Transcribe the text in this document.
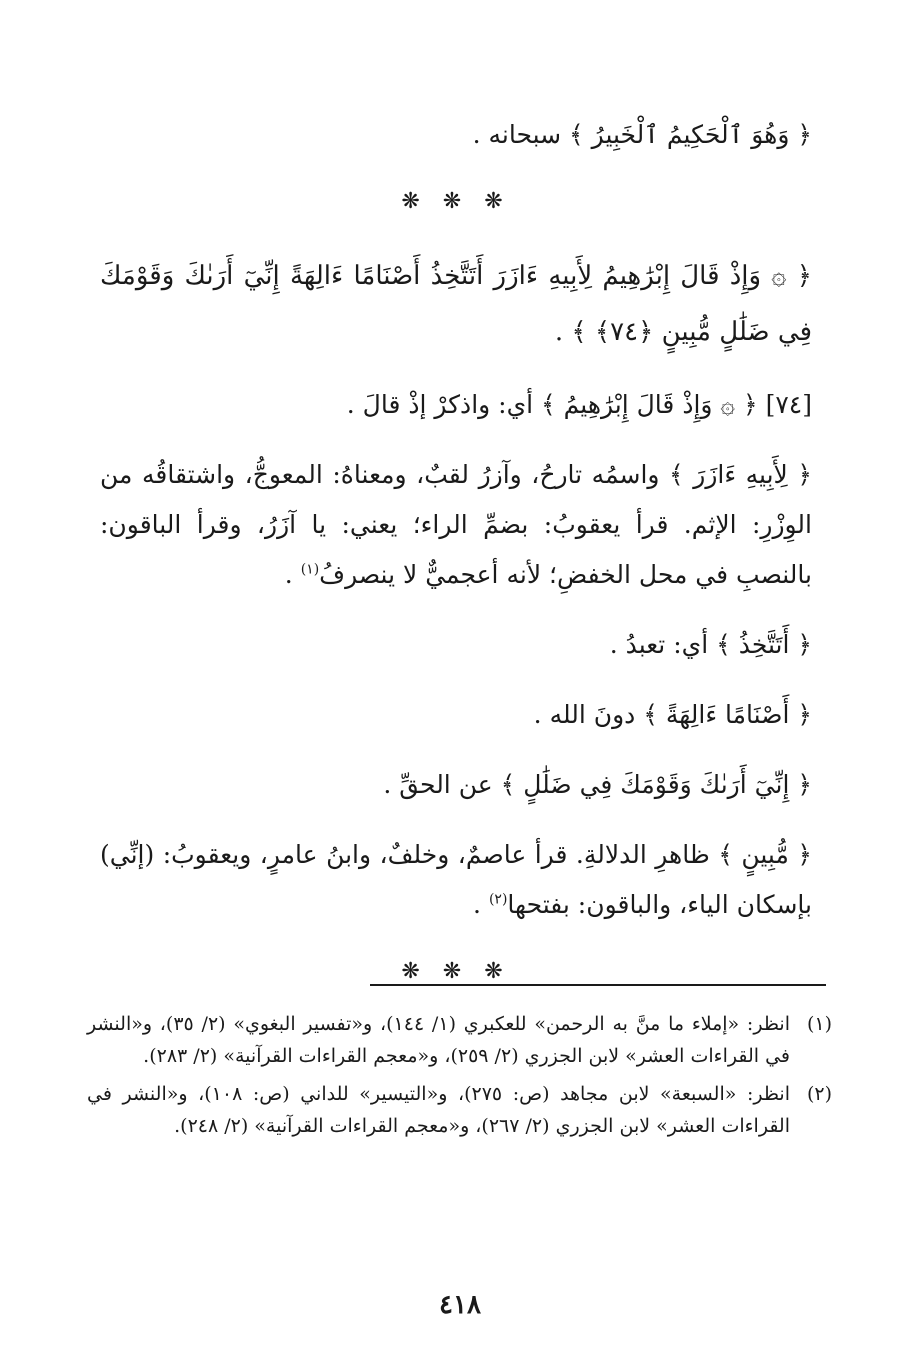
﴿ وَهُوَ ٱلْحَكِيمُ ٱلْخَبِيرُ ﴾ سبحانه .

❋ ❋ ❋

﴿ ۞ وَإِذْ قَالَ إِبْرَٰهِيمُ لِأَبِيهِ ءَازَرَ أَتَتَّخِذُ أَصْنَامًا ءَالِهَةً إِنِّيٓ أَرَىٰكَ وَقَوْمَكَ فِي ضَلَٰلٍ مُّبِينٍ ﴿٧٤﴾ ﴾ .

[٧٤] ﴿ ۞ وَإِذْ قَالَ إِبْرَٰهِيمُ ﴾ أي: واذكرْ إذْ قالَ .

﴿ لِأَبِيهِ ءَازَرَ ﴾ واسمُه تارحُ، وآزرُ لقبٌ، ومعناهُ: المعوجُّ، واشتقاقُه من الوِزْرِ: الإثم. قرأ يعقوبُ: بضمِّ الراء؛ يعني: يا آزَرُ، وقرأ الباقون: بالنصبِ في محل الخفضِ؛ لأنه أعجميٌّ لا ينصرفُ$^{(١)}$ .

﴿ أَتَتَّخِذُ ﴾ أي: تعبدُ .

﴿ أَصْنَامًا ءَالِهَةً ﴾ دونَ الله .

﴿ إِنِّيٓ أَرَىٰكَ وَقَوْمَكَ فِي ضَلَٰلٍ ﴾ عن الحقِّ .

﴿ مُّبِينٍ ﴾ ظاهرِ الدلالةِ. قرأ عاصمٌ، وخلفٌ، وابنُ عامرٍ، ويعقوبُ: (إنِّي) بإسكان الياء، والباقون: بفتحها$^{(٢)}$ .

❋ ❋ ❋

(١)
انظر: «إملاء ما منَّ به الرحمن» للعكبري (١/ ١٤٤)، و«تفسير البغوي» (٢/ ٣٥)، و«النشر في القراءات العشر» لابن الجزري (٢/ ٢٥٩)، و«معجم القراءات القرآنية» (٢/ ٢٨٣).
(٢)
انظر: «السبعة» لابن مجاهد (ص: ٢٧٥)، و«التيسير» للداني (ص: ١٠٨)، و«النشر في القراءات العشر» لابن الجزري (٢/ ٢٦٧)، و«معجم القراءات القرآنية» (٢/ ٢٤٨).
٤١٨
